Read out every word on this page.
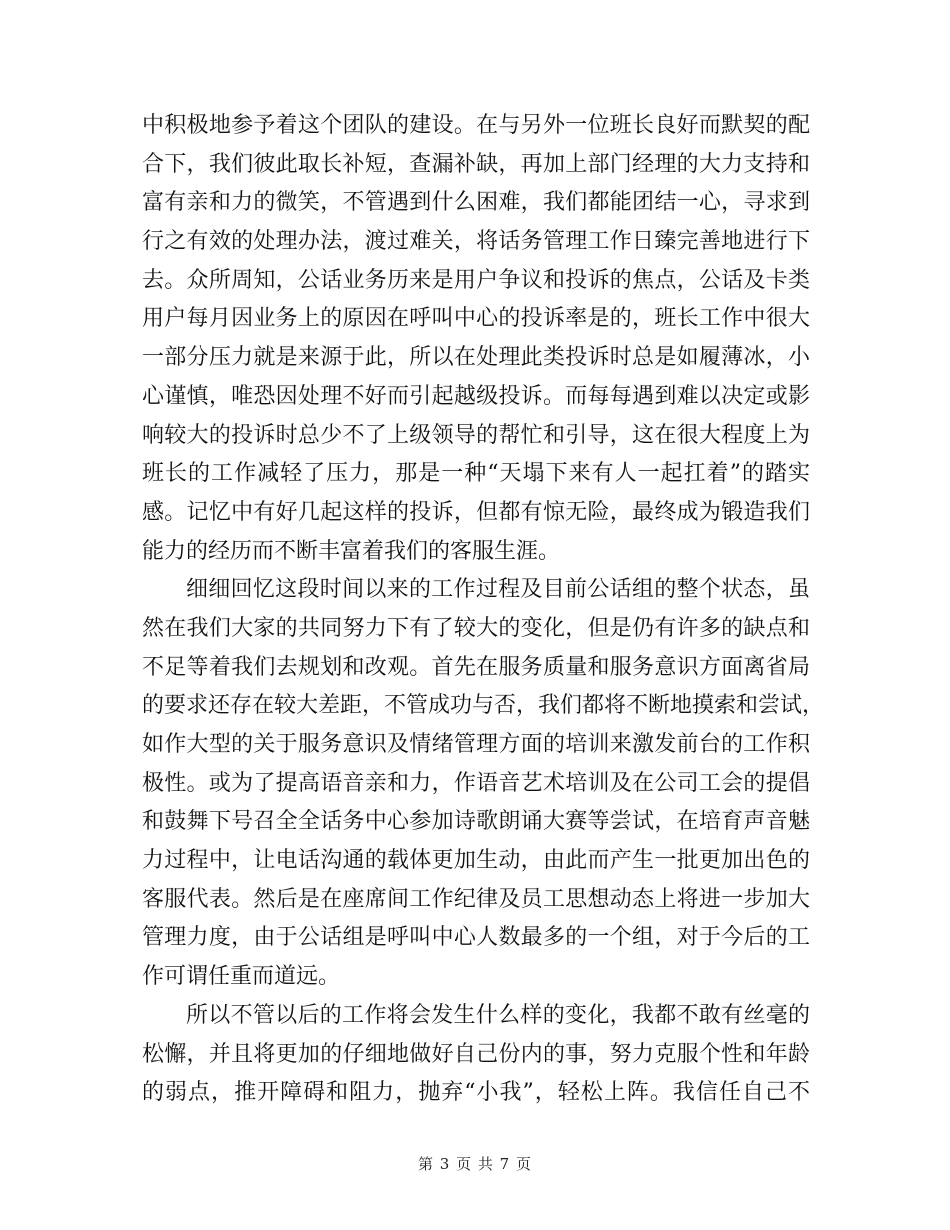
中积极地参予着这个团队的建设。在与另外一位班长良好而默契的配
合下，我们彼此取长补短，查漏补缺，再加上部门经理的大力支持和
富有亲和力的微笑，不管遇到什么困难，我们都能团结一心，寻求到
行之有效的处理办法，渡过难关，将话务管理工作日臻完善地进行下
去。众所周知，公话业务历来是用户争议和投诉的焦点，公话及卡类
用户每月因业务上的原因在呼叫中心的投诉率是的，班长工作中很大
一部分压力就是来源于此，所以在处理此类投诉时总是如履薄冰，小
心谨慎，唯恐因处理不好而引起越级投诉。而每每遇到难以决定或影
响较大的投诉时总少不了上级领导的帮忙和引导，这在很大程度上为
班长的工作减轻了压力，那是一种“天塌下来有人一起扛着”的踏实
感。记忆中有好几起这样的投诉，但都有惊无险，最终成为锻造我们
能力的经历而不断丰富着我们的客服生涯。
细细回忆这段时间以来的工作过程及目前公话组的整个状态，虽
然在我们大家的共同努力下有了较大的变化，但是仍有许多的缺点和
不足等着我们去规划和改观。首先在服务质量和服务意识方面离省局
的要求还存在较大差距，不管成功与否，我们都将不断地摸索和尝试，
如作大型的关于服务意识及情绪管理方面的培训来激发前台的工作积
极性。或为了提高语音亲和力，作语音艺术培训及在公司工会的提倡
和鼓舞下号召全全话务中心参加诗歌朗诵大赛等尝试，在培育声音魅
力过程中，让电话沟通的载体更加生动，由此而产生一批更加出色的
客服代表。然后是在座席间工作纪律及员工思想动态上将进一步加大
管理力度，由于公话组是呼叫中心人数最多的一个组，对于今后的工
作可谓任重而道远。
所以不管以后的工作将会发生什么样的变化，我都不敢有丝毫的
松懈，并且将更加的仔细地做好自己份内的事，努力克服个性和年龄
的弱点，推开障碍和阻力，抛弃“小我”，轻松上阵。我信任自己不
第 3 页 共 7 页
